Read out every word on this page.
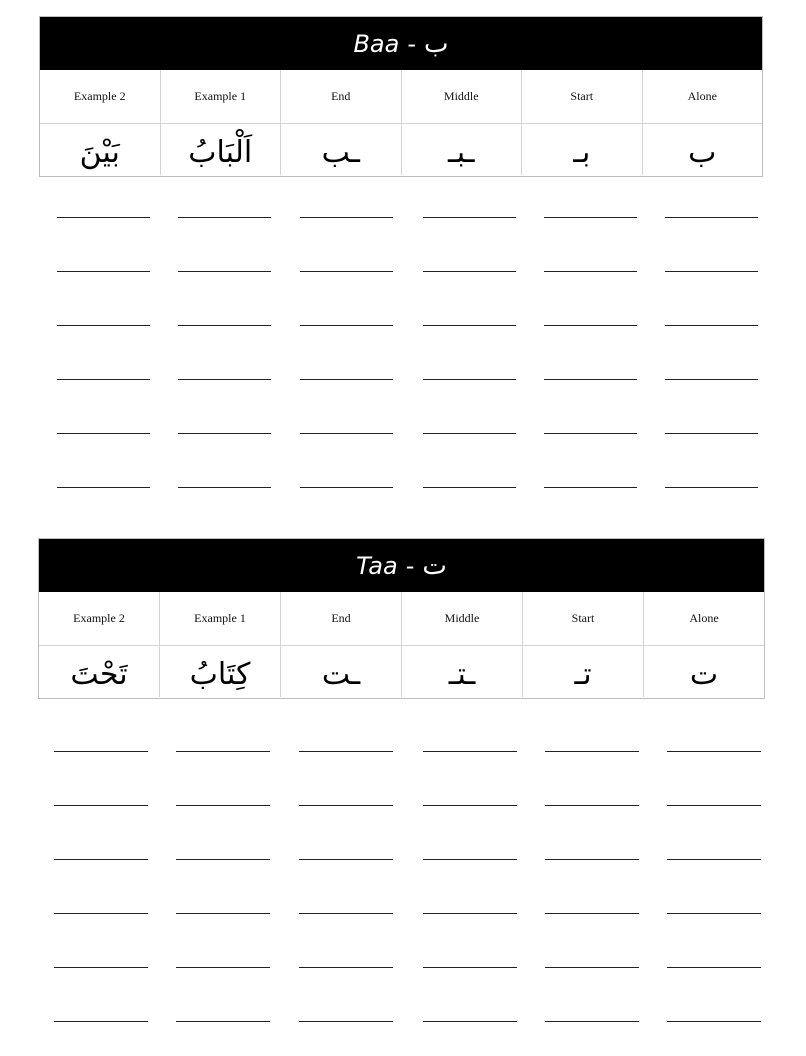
Baa - ب
Example 2	Example 1	End	Middle	Start	Alone
بَيْنَ	اَلْبَابُ	ـب	ـبـ	بـ	ب
Taa - ت
Example 2	Example 1	End	Middle	Start	Alone
تَحْتَ	كِتَابُ	ـت	ـتـ	تـ	ت
